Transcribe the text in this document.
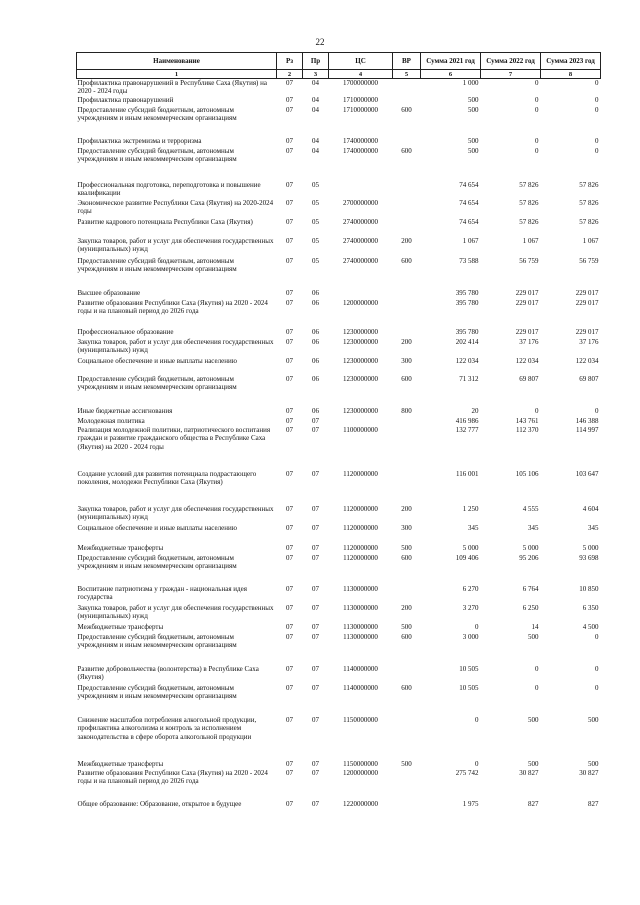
22
Наименование	Рз	Пр	ЦС	ВР	Сумма 2021 год	Сумма 2022 год	Сумма 2023 год
1	2	3	4	5	6	7	8
Профилактика правонарушений в Республике Саха (Якутия) на 2020 - 2024 годы	07	04	1700000000		1 000	0	0
Профилактика правонарушений	07	04	1710000000		500	0	0
Предоставление субсидий бюджетным, автономным учреждениям и иным некоммерческим организациям	07	04	1710000000	600	500	0	0
Профилактика экстремизма и терроризма	07	04	1740000000		500	0	0
Предоставление субсидий бюджетным, автономным учреждениям и иным некоммерческим организациям	07	04	1740000000	600	500	0	0
Профессиональная подготовка, переподготовка и повышение квалификации	07	05			74 654	57 826	57 826
Экономическое развитие Республики Саха (Якутия) на 2020-2024 годы	07	05	2700000000		74 654	57 826	57 826
Развитие кадрового потенциала Республики Саха (Якутия)	07	05	2740000000		74 654	57 826	57 826
Закупка товаров, работ и услуг для обеспечения государственных (муниципальных) нужд	07	05	2740000000	200	1 067	1 067	1 067
Предоставление субсидий бюджетным, автономным учреждениям и иным некоммерческим организациям	07	05	2740000000	600	73 588	56 759	56 759
Высшее образование	07	06			395 780	229 017	229 017
Развитие образования Республики Саха (Якутия) на 2020 - 2024 годы и на плановый период до 2026 года	07	06	1200000000		395 780	229 017	229 017
Профессиональное образование	07	06	1230000000		395 780	229 017	229 017
Закупка товаров, работ и услуг для обеспечения государственных (муниципальных) нужд	07	06	1230000000	200	202 414	37 176	37 176
Социальное обеспечение и иные выплаты населению	07	06	1230000000	300	122 034	122 034	122 034
Предоставление субсидий бюджетным, автономным учреждениям и иным некоммерческим организациям	07	06	1230000000	600	71 312	69 807	69 807
Иные бюджетные ассигнования	07	06	1230000000	800	20	0	0
Молодежная политика	07	07			416 986	143 761	146 388
Реализация молодежной политики, патриотического воспитания граждан и развитие гражданского общества в Республике Саха (Якутия) на 2020 - 2024 годы	07	07	1100000000		132 777	112 370	114 997
Создание условий для развития потенциала подрастающего поколения, молодежи Республики Саха (Якутия)	07	07	1120000000		116 001	105 106	103 647
Закупка товаров, работ и услуг для обеспечения государственных (муниципальных) нужд	07	07	1120000000	200	1 250	4 555	4 604
Социальное обеспечение и иные выплаты населению	07	07	1120000000	300	345	345	345
Межбюджетные трансферты	07	07	1120000000	500	5 000	5 000	5 000
Предоставление субсидий бюджетным, автономным учреждениям и иным некоммерческим организациям	07	07	1120000000	600	109 406	95 206	93 698
Воспитание патриотизма у граждан - национальная идея государства	07	07	1130000000		6 270	6 764	10 850
Закупка товаров, работ и услуг для обеспечения государственных (муниципальных) нужд	07	07	1130000000	200	3 270	6 250	6 350
Межбюджетные трансферты	07	07	1130000000	500	0	14	4 500
Предоставление субсидий бюджетным, автономным учреждениям и иным некоммерческим организациям	07	07	1130000000	600	3 000	500	0
Развитие добровольчества (волонтерства) в Республике Саха (Якутия)	07	07	1140000000		10 505	0	0
Предоставление субсидий бюджетным, автономным учреждениям и иным некоммерческим организациям	07	07	1140000000	600	10 505	0	0
Снижение масштабов потребления алкогольной продукции, профилактика алкоголизма и контроль за исполнением законодательства в сфере оборота алкогольной продукции	07	07	1150000000		0	500	500
Межбюджетные трансферты	07	07	1150000000	500	0	500	500
Развитие образования Республики Саха (Якутия) на 2020 - 2024 годы и на плановый период до 2026 года	07	07	1200000000		275 742	30 827	30 827
Общее образование: Образование, открытое в будущее	07	07	1220000000		1 975	827	827
